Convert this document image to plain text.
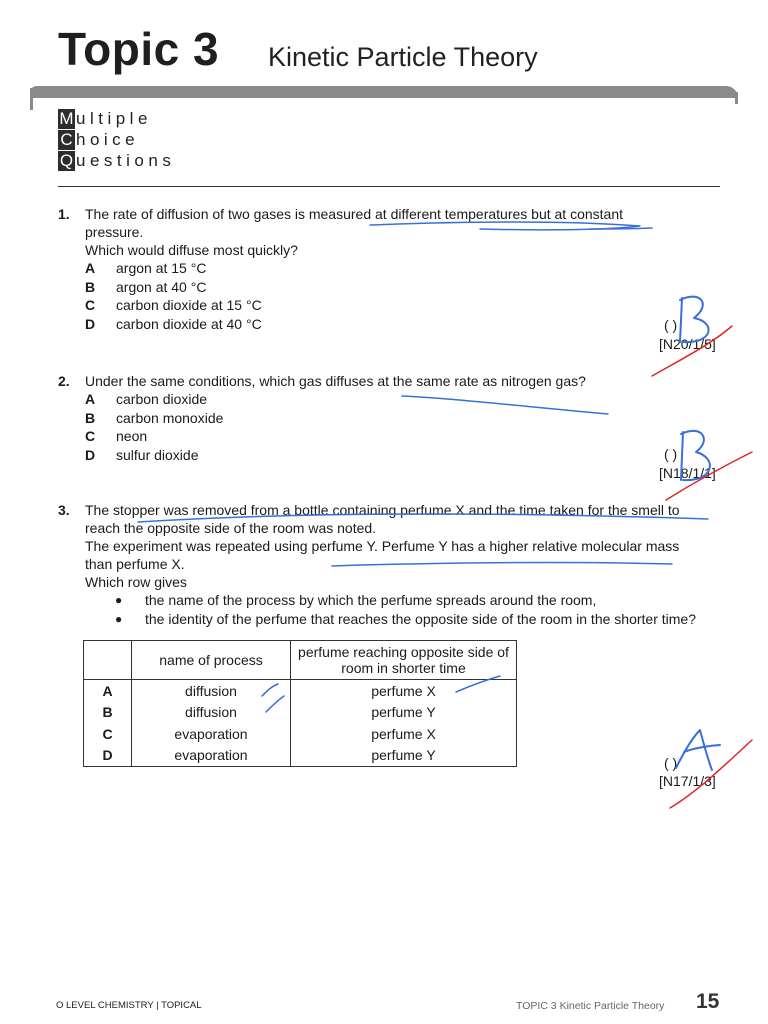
Topic 3 Kinetic Particle Theory
M ultiple
C hoice
Q uestions
1. The rate of diffusion of two gases is measured at different temperatures but at constant
pressure.
Which would diffuse most quickly?
A	argon at 15 °C
B	argon at 40 °C
C	carbon dioxide at 15 °C
D	carbon dioxide at 40 °C	( )
[N20/1/5]
2. Under the same conditions, which gas diffuses at the same rate as nitrogen gas?
A	carbon dioxide
B	carbon monoxide
C	neon
D	sulfur dioxide	( )
[N18/1/1]
3. The stopper was removed from a bottle containing perfume X and the time taken for the smell to
reach the opposite side of the room was noted.
The experiment was repeated using perfume Y. Perfume Y has a higher relative molecular mass
than perfume X.
Which row gives
●	the name of the process by which the perfume spreads around the room,
●	the identity of the perfume that reaches the opposite side of the room in the shorter time?
	name of process	perfume reaching opposite side of room in shorter time
A	diffusion	perfume X
B	diffusion	perfume Y
C	evaporation	perfume X
D	evaporation	perfume Y	( )
[N17/1/3]
O LEVEL CHEMISTRY | TOPICAL	TOPIC 3 Kinetic Particle Theory 15
